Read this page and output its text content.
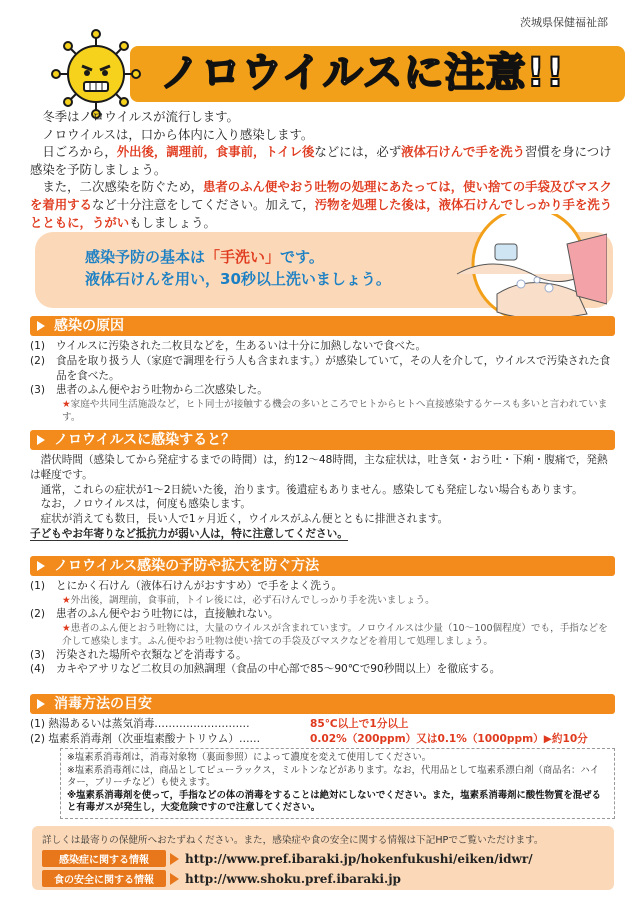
茨城県保健福祉部
ノロウイルスに注意!!

冬季はノロウイルスが流行します。

ノロウイルスは，口から体内に入り感染します。

日ごろから，外出後，調理前，食事前，トイレ後などには，必ず液体石けんで手を洗う習慣を身につけ感染を予防しましょう。

また，二次感染を防ぐため，患者のふん便やおう吐物の処理にあたっては，使い捨ての手袋及びマスクを着用するなど十分注意をしてください。加えて，汚物を処理した後は，液体石けんでしっかり手を洗うとともに，うがいもしましょう。

感染予防の基本は「手洗い」です。
液体石けんを用い，30秒以上洗いましょう。
感染の原因
(1)	ウイルスに汚染された二枚貝などを，生あるいは十分に加熱しないで食べた。
(2)	食品を取り扱う人（家庭で調理を行う人も含まれます。）が感染していて，その人を介して，ウイルスで汚染された食品を食べた。
(3)	患者のふん便やおう吐物から二次感染した。
★家庭や共同生活施設など，ヒト同士が接触する機会の多いところでヒトからヒトへ直接感染するケースも多いと言われています。
ノロウイルスに感染すると？
潜伏時間（感染してから発症するまでの時間）は，約12〜48時間，主な症状は，吐き気・おう吐・下痢・腹痛で，発熱は軽度です。
通常，これらの症状が1〜2日続いた後，治ります。後遺症もありません。感染しても発症しない場合もあります。
なお，ノロウイルスは，何度も感染します。
症状が消えても数日，長い人で1ヶ月近く，ウイルスがふん便とともに排泄されます。
子どもやお年寄りなど抵抗力が弱い人は，特に注意してください。
ノロウイルス感染の予防や拡大を防ぐ方法
(1)	とにかく石けん（液体石けんがおすすめ）で手をよく洗う。
★外出後，調理前，食事前，トイレ後には，必ず石けんでしっかり手を洗いましょう。
(2)	患者のふん便やおう吐物には，直接触れない。
★患者のふん便とおう吐物には，大量のウイルスが含まれています。ノロウイルスは少量（10〜100個程度）でも，手指などを介して感染します。ふん便やおう吐物は使い捨ての手袋及びマスクなどを着用して処理しましょう。
(3)	汚染された場所や衣類などを消毒する。
(4)	カキやアサリなど二枚貝の加熱調理（食品の中心部で85〜90℃で90秒間以上）を徹底する。
消毒方法の目安
(1) 熱湯あるいは蒸気消毒………………………	85℃以上で1分以上
(2) 塩素系消毒剤（次亜塩素酸ナトリウム）……	0.02%（200ppm）又は0.1%（1000ppm）▶約10分
※塩素系消毒剤は，消毒対象物（裏面参照）によって濃度を変えて使用してください。
※塩素系消毒剤には，商品としてピューラックス，ミルトンなどがあります。なお，代用品として塩素系漂白剤（商品名：ハイター，ブリーチなど）も使えます。
※塩素系消毒剤を使って，手指などの体の消毒をすることは絶対にしないでください。また，塩素系消毒剤に酸性物質を混ぜると有毒ガスが発生し，大変危険ですので注意してください。
詳しくは最寄りの保健所へおたずねください。また，感染症や食の安全に関する情報は下記HPでご覧いただけます。
感染症に関する情報	http://www.pref.ibaraki.jp/hokenfukushi/eiken/idwr/
食の安全に関する情報	http://www.shoku.pref.ibaraki.jp
